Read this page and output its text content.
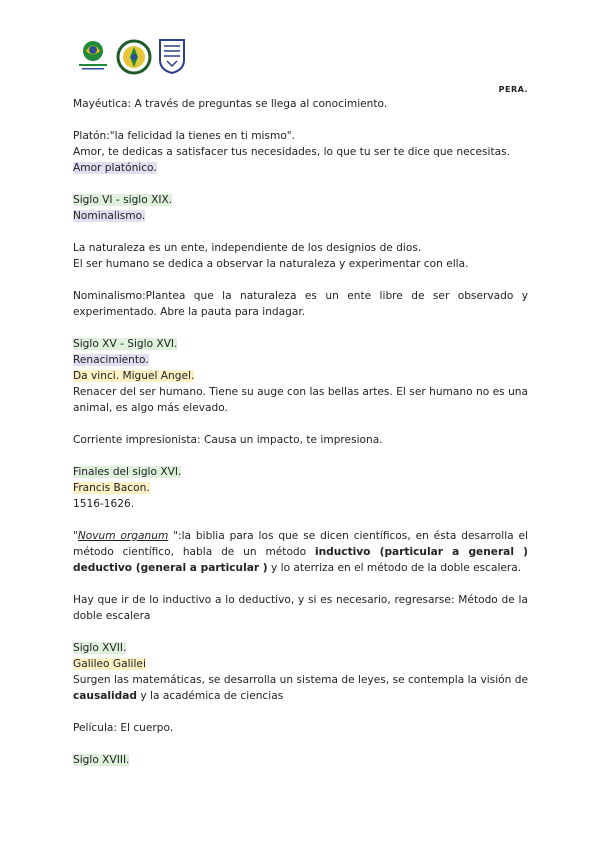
PERA.

Mayéutica: A través de preguntas se llega al conocimiento.

Platón:"la felicidad la tienes en ti mismo".

Amor, te dedicas a satisfacer tus necesidades, lo que tu ser te dice que necesitas.

Amor platónico.

Siglo VI - siglo XIX.

Nominalismo.

La naturaleza es un ente, independiente de los designios de dios.

El ser humano se dedica a observar la naturaleza y experimentar con ella.

Nominalismo:Plantea que la naturaleza es un ente libre de ser observado y experimentado. Abre la pauta para indagar.

Siglo XV - Siglo XVI.

Renacimiento.

Da vinci. Miguel Angel.

Renacer del ser humano. Tiene su auge con las bellas artes. El ser humano no es una animal, es algo más elevado.

Corriente impresionista: Causa un impacto, te impresiona.

Finales del siglo XVI.

Francis Bacon.

1516-1626.

"Novum organum ":la biblia para los que se dicen científicos, en ésta desarrolla el método científico, habla de un método inductivo (particular a general ) deductivo (general a particular ) y lo aterriza en el método de la doble escalera.

Hay que ir de lo inductivo a lo deductivo, y si es necesario, regresarse: Método de la doble escalera

Siglo XVII.

Galileo Galilei

Surgen las matemáticas, se desarrolla un sistema de leyes, se contempla la visión de causalidad y la académica de ciencias

Película: El cuerpo.

Siglo XVIII.
